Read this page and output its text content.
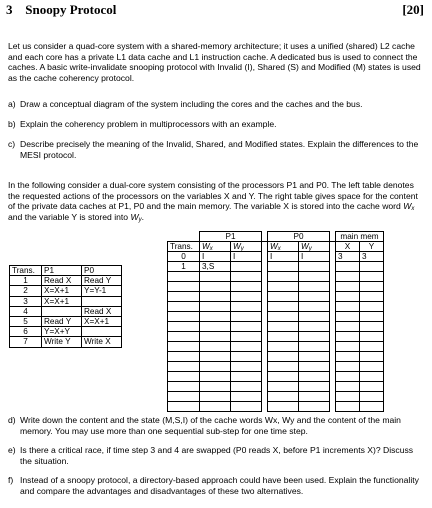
3 Snoopy Protocol	[20]
Let us consider a quad-core system with a shared-memory architecture; it uses a unified (shared) L2 cache and each core has a private L1 data cache and L1 instruction cache. A dedicated bus is used to connect the caches. A basic write-invalidate snooping protocol with Invalid (I), Shared (S) and Modified (M) states is used as the cache coherency protocol.
a) Draw a conceptual diagram of the system including the cores and the caches and the bus.
b) Explain the coherency problem in multiprocessors with an example.
c) Describe precisely the meaning of the Invalid, Shared, and Modified states. Explain the differences to the MESI protocol.
In the following consider a dual-core system consisting of the processors P1 and P0. The left table denotes the requested actions of the processors on the variables X and Y. The right table gives space for the content of the private data caches at P1, P0 and the main memory. The variable X is stored into the cache word $W_x$ and the variable Y is stored into $W_y$.
Trans.	P1	P0
1	Read X	Read Y
2	X=X+1	Y=Y-1
3	X=X+1	
4		Read X
5	Read Y	X=X+1
6	Y=X+Y	
7	Write Y	Write X
	P1			P0			main mem	
Trans.	$W_x$	$W_y$		$W_x$	$W_y$		X	Y
0	I	I		I	I		3	3
1	3,S							

d) Write down the content and the state (M,S,I) of the cache words Wx, Wy and the content of the main memory. You may use more than one sequential sub-step for one time step.
e) Is there a critical race, if time step 3 and 4 are swapped (P0 reads X, before P1 increments X)? Discuss the situation.
f) Instead of a snoopy protocol, a directory-based approach could have been used. Explain the functionality and compare the advantages and disadvantages of these two alternatives.
